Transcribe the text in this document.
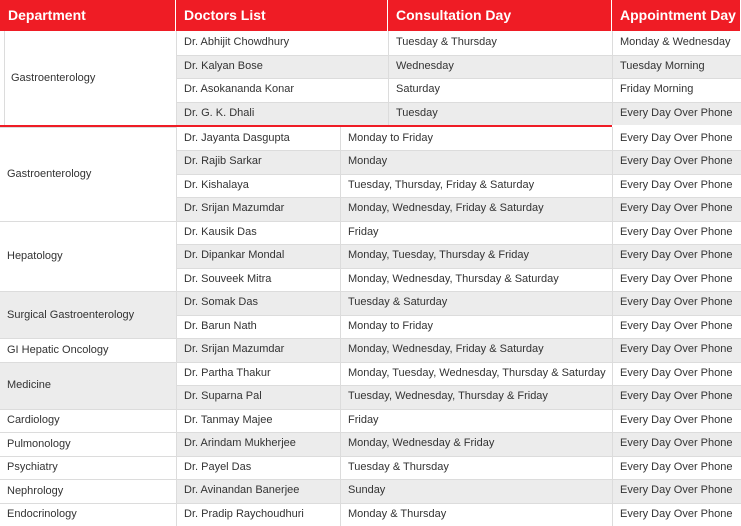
Department	Doctors List	Consultation Day	Appointment Day
Gastroenterology
Dr. Abhijit Chowdhury	Tuesday & Thursday	Monday & Wednesday
Dr. Kalyan Bose	Wednesday	Tuesday Morning
Dr. Asokananda Konar	Saturday	Friday Morning
Dr. G. K. Dhali	Tuesday	Every Day Over Phone
Gastroenterology
Dr. Jayanta Dasgupta	Monday to Friday	Every Day Over Phone
Dr. Rajib Sarkar	Monday	Every Day Over Phone
Dr. Kishalaya	Tuesday, Thursday, Friday & Saturday	Every Day Over Phone
Dr. Srijan Mazumdar	Monday, Wednesday, Friday & Saturday	Every Day Over Phone
Hepatology
Dr. Kausik Das	Friday	Every Day Over Phone
Dr. Dipankar Mondal	Monday, Tuesday, Thursday & Friday	Every Day Over Phone
Dr. Souveek Mitra	Monday, Wednesday, Thursday & Saturday	Every Day Over Phone
Surgical Gastroenterology
Dr. Somak Das	Tuesday & Saturday	Every Day Over Phone
Dr. Barun Nath	Monday to Friday	Every Day Over Phone
GI Hepatic Oncology	Dr. Srijan Mazumdar	Monday, Wednesday, Friday & Saturday	Every Day Over Phone
Medicine
Dr. Partha Thakur	Monday, Tuesday, Wednesday, Thursday & Saturday	Every Day Over Phone
Dr. Suparna Pal	Tuesday, Wednesday, Thursday & Friday	Every Day Over Phone
Cardiology	Dr. Tanmay Majee	Friday	Every Day Over Phone
Pulmonology	Dr. Arindam Mukherjee	Monday, Wednesday & Friday	Every Day Over Phone
Psychiatry	Dr. Payel Das	Tuesday & Thursday	Every Day Over Phone
Nephrology	Dr. Avinandan Banerjee	Sunday	Every Day Over Phone
Endocrinology	Dr. Pradip Raychoudhuri	Monday & Thursday	Every Day Over Phone
